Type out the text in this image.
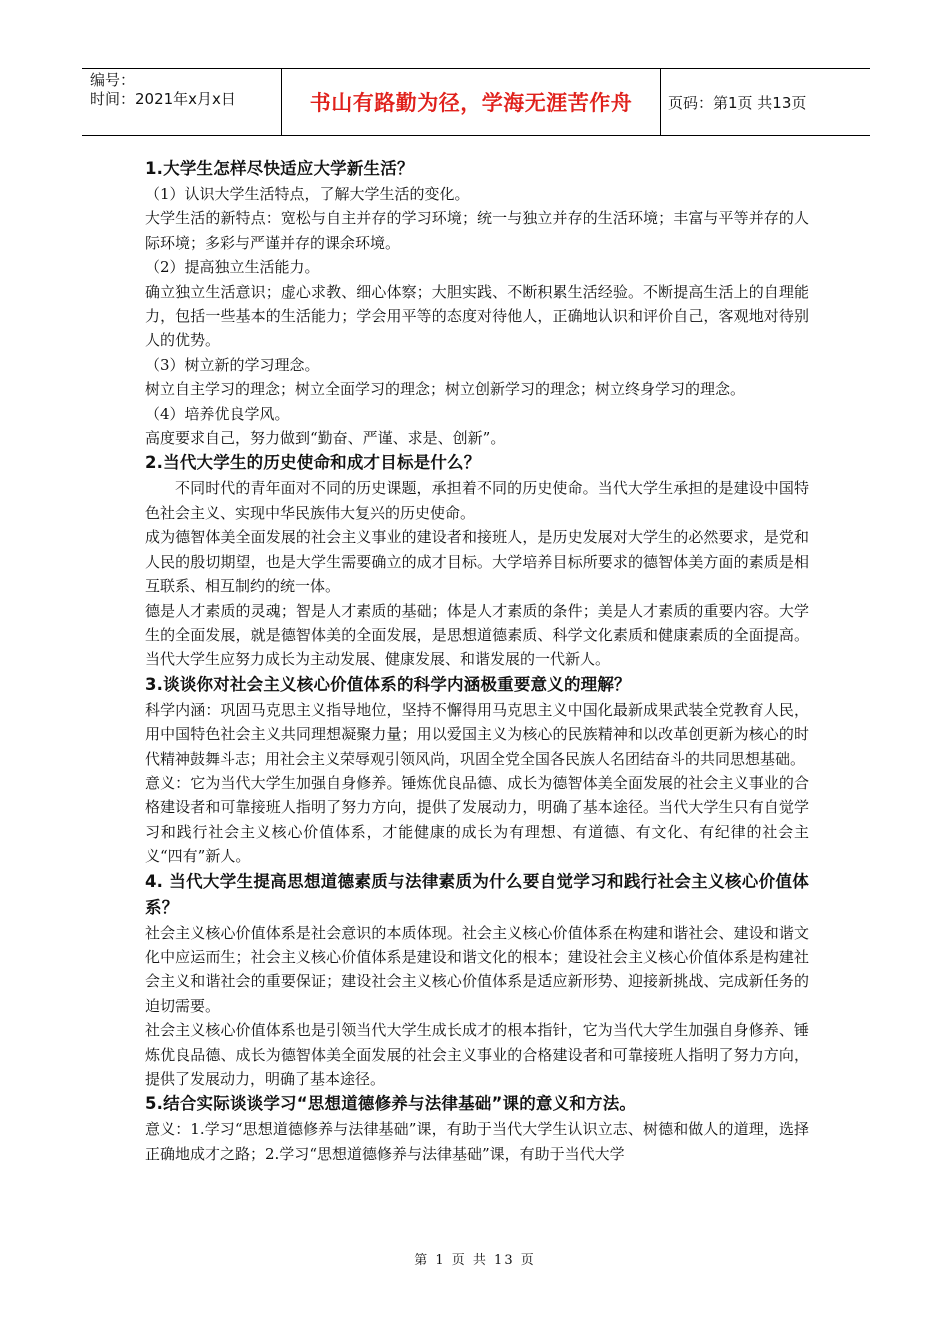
编号：
时间：2021年x月x日	书山有路勤为径，学海无涯苦作舟 页码：第1页 共13页
1.大学生怎样尽快适应大学新生活？

（1）认识大学生活特点，了解大学生活的变化。

大学生活的新特点：宽松与自主并存的学习环境；统一与独立并存的生活环境；丰富与平等并存的人际环境；多彩与严谨并存的课余环境。

（2）提高独立生活能力。

确立独立生活意识；虚心求教、细心体察；大胆实践、不断积累生活经验。不断提高生活上的自理能力，包括一些基本的生活能力；学会用平等的态度对待他人，正确地认识和评价自己，客观地对待别人的优势。

（3）树立新的学习理念。

树立自主学习的理念；树立全面学习的理念；树立创新学习的理念；树立终身学习的理念。

（4）培养优良学风。

高度要求自己，努力做到“勤奋、严谨、求是、创新”。

2.当代大学生的历史使命和成才目标是什么？

不同时代的青年面对不同的历史课题，承担着不同的历史使命。当代大学生承担的是建设中国特色社会主义、实现中华民族伟大复兴的历史使命。

成为德智体美全面发展的社会主义事业的建设者和接班人，是历史发展对大学生的必然要求，是党和人民的殷切期望，也是大学生需要确立的成才目标。大学培养目标所要求的德智体美方面的素质是相互联系、相互制约的统一体。

德是人才素质的灵魂；智是人才素质的基础；体是人才素质的条件；美是人才素质的重要内容。大学生的全面发展，就是德智体美的全面发展，是思想道德素质、科学文化素质和健康素质的全面提高。当代大学生应努力成长为主动发展、健康发展、和谐发展的一代新人。

3.谈谈你对社会主义核心价值体系的科学内涵极重要意义的理解？

科学内涵：巩固马克思主义指导地位，坚持不懈得用马克思主义中国化最新成果武装全党教育人民，用中国特色社会主义共同理想凝聚力量；用以爱国主义为核心的民族精神和以改革创更新为核心的时代精神鼓舞斗志；用社会主义荣辱观引领风尚，巩固全党全国各民族人名团结奋斗的共同思想基础。

意义：它为当代大学生加强自身修养。锤炼优良品德、成长为德智体美全面发展的社会主义事业的合格建设者和可靠接班人指明了努力方向，提供了发展动力，明确了基本途径。当代大学生只有自觉学习和践行社会主义核心价值体系，才能健康的成长为有理想、有道德、有文化、有纪律的社会主义“四有”新人。

4. 当代大学生提高思想道德素质与法律素质为什么要自觉学习和践行社会主义核心价值体系？

社会主义核心价值体系是社会意识的本质体现。社会主义核心价值体系在构建和谐社会、建设和谐文化中应运而生；社会主义核心价值体系是建设和谐文化的根本；建设社会主义核心价值体系是构建社会主义和谐社会的重要保证；建设社会主义核心价值体系是适应新形势、迎接新挑战、完成新任务的迫切需要。

社会主义核心价值体系也是引领当代大学生成长成才的根本指针，它为当代大学生加强自身修养、锤炼优良品德、成长为德智体美全面发展的社会主义事业的合格建设者和可靠接班人指明了努力方向，提供了发展动力，明确了基本途径。

5.结合实际谈谈学习“思想道德修养与法律基础”课的意义和方法。

意义：1.学习“思想道德修养与法律基础”课，有助于当代大学生认识立志、树德和做人的道理，选择正确地成才之路；2.学习“思想道德修养与法律基础”课，有助于当代大学

第 1 页 共 13 页
